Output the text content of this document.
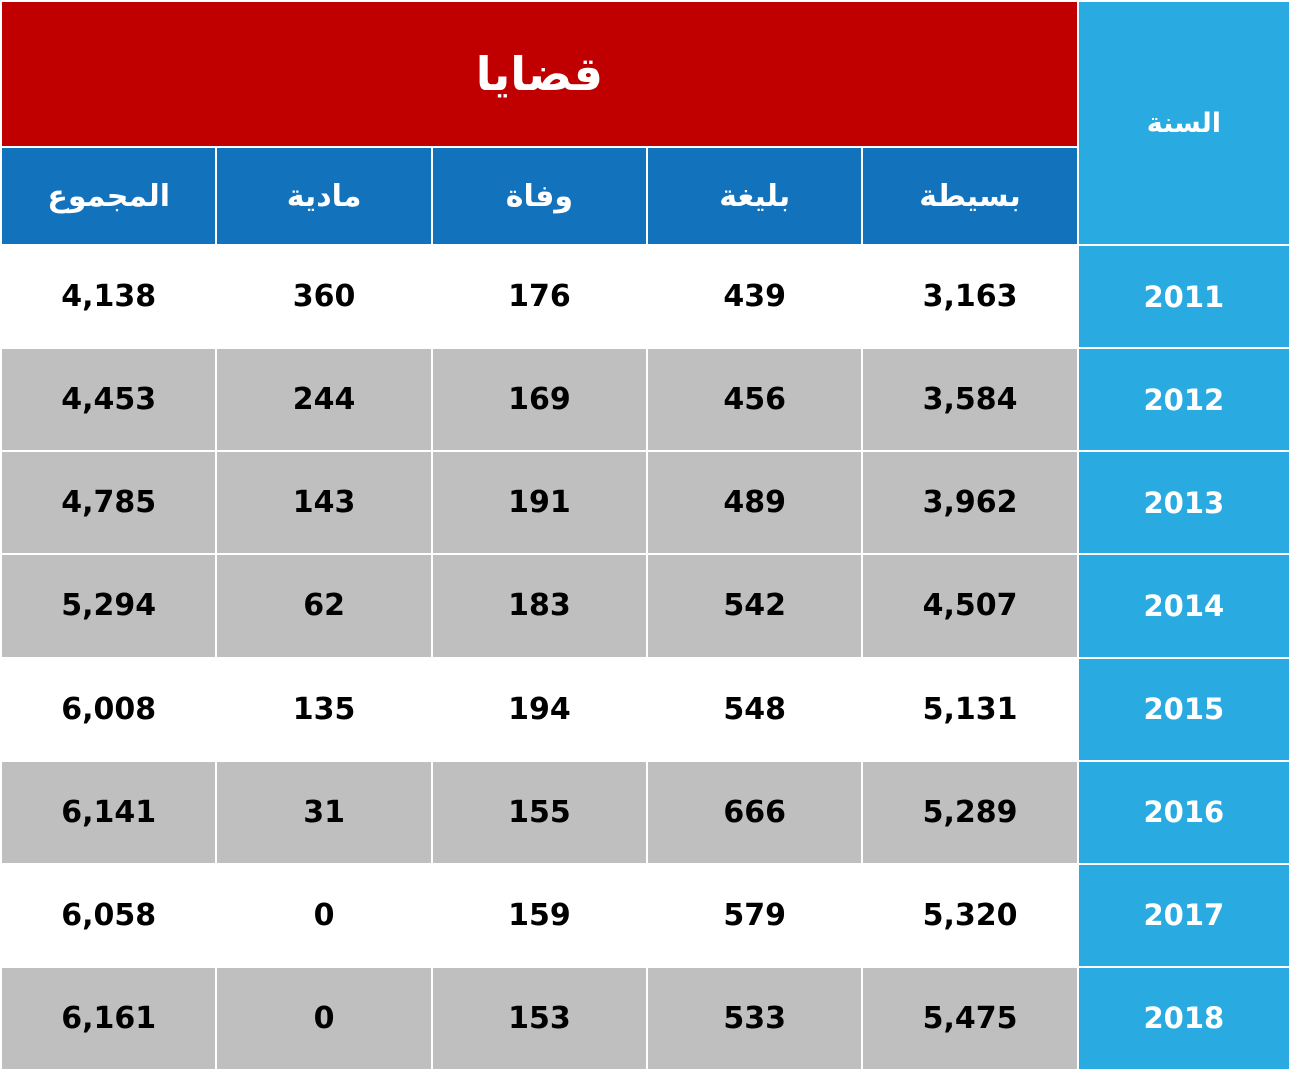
السنة	قضايا				
	بسيطة	بليغة	وفاة	مادية	المجموع
2011	3,163	439	176	360	4,138
2012	3,584	456	169	244	4,453
2013	3,962	489	191	143	4,785
2014	4,507	542	183	62	5,294
2015	5,131	548	194	135	6,008
2016	5,289	666	155	31	6,141
2017	5,320	579	159	0	6,058
2018	5,475	533	153	0	6,161
